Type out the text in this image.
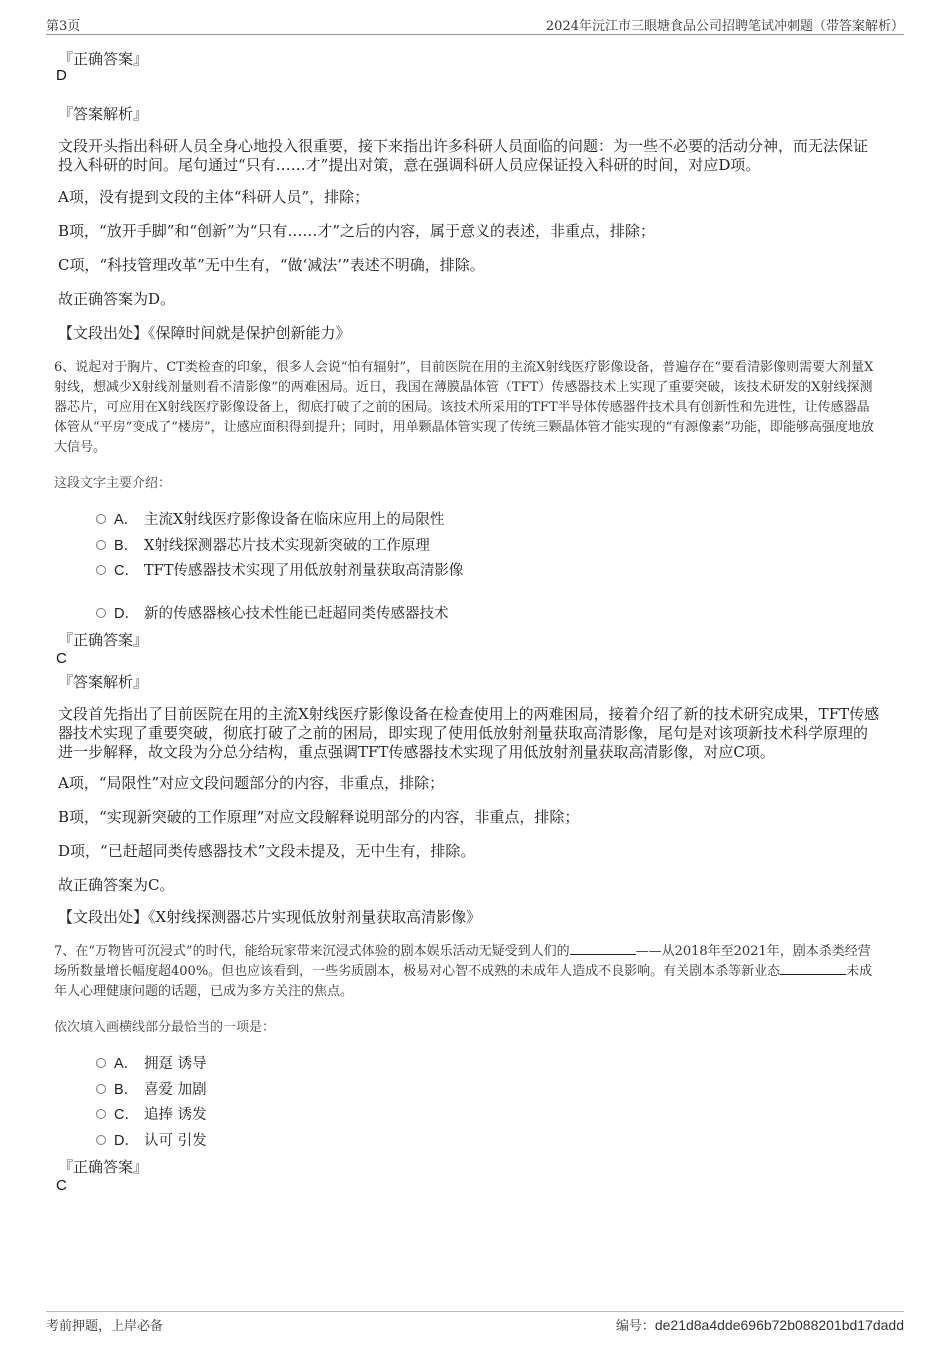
第3页	2024年沅江市三眼塘食品公司招聘笔试冲刺题（带答案解析）
『正确答案』
D
『答案解析』
文段开头指出科研人员全身心地投入很重要，接下来指出许多科研人员面临的问题：为一些不必要的活动分神，而无法保证
投入科研的时间。尾句通过“只有……才”提出对策，意在强调科研人员应保证投入科研的时间，对应D项。
A项，没有提到文段的主体“科研人员”，排除；
B项，“放开手脚”和“创新”为“只有……才”之后的内容，属于意义的表述，非重点，排除；
C项，“科技管理改革”无中生有，“做‘减法’”表述不明确，排除。
故正确答案为D。
【文段出处】《保障时间就是保护创新能力》
6、说起对于胸片、CT类检查的印象，很多人会说“怕有辐射”，目前医院在用的主流X射线医疗影像设备，普遍存在“要看清影像则需要大剂量X
射线，想减少X射线剂量则看不清影像”的两难困局。近日，我国在薄膜晶体管（TFT）传感器技术上实现了重要突破，该技术研发的X射线探测
器芯片，可应用在X射线医疗影像设备上，彻底打破了之前的困局。该技术所采用的TFT半导体传感器件技术具有创新性和先进性，让传感器晶
体管从“平房”变成了“楼房”，让感应面积得到提升；同时，用单颗晶体管实现了传统三颗晶体管才能实现的“有源像素”功能，即能够高强度地放
大信号。
这段文字主要介绍：
A． 主流X射线医疗影像设备在临床应用上的局限性
B． X射线探测器芯片技术实现新突破的工作原理
C． TFT传感器技术实现了用低放射剂量获取高清影像
D． 新的传感器核心技术性能已赶超同类传感器技术
『正确答案』
C
『答案解析』
文段首先指出了目前医院在用的主流X射线医疗影像设备在检查使用上的两难困局，接着介绍了新的技术研究成果，TFT传感
器技术实现了重要突破，彻底打破了之前的困局，即实现了使用低放射剂量获取高清影像，尾句是对该项新技术科学原理的
进一步解释，故文段为分总分结构，重点强调TFT传感器技术实现了用低放射剂量获取高清影像，对应C项。
A项，“局限性”对应文段问题部分的内容，非重点，排除；
B项，“实现新突破的工作原理”对应文段解释说明部分的内容，非重点，排除；
D项，“已赶超同类传感器技术”文段未提及，无中生有，排除。
故正确答案为C。
【文段出处】《X射线探测器芯片实现低放射剂量获取高清影像》
7、在“万物皆可沉浸式”的时代，能给玩家带来沉浸式体验的剧本娱乐活动无疑受到人们的	——从2018年至2021年，剧本杀类经营
场所数量增长幅度超400%。但也应该看到，一些劣质剧本，极易对心智不成熟的未成年人造成不良影响。有关剧本杀等新业态	未成
年人心理健康问题的话题，已成为多方关注的焦点。
依次填入画横线部分最恰当的一项是：
A． 拥趸 诱导
B． 喜爱 加剧
C． 追捧 诱发
D． 认可 引发
『正确答案』
C
考前押题，上岸必备	编号：de21d8a4dde696b72b088201bd17dadd
